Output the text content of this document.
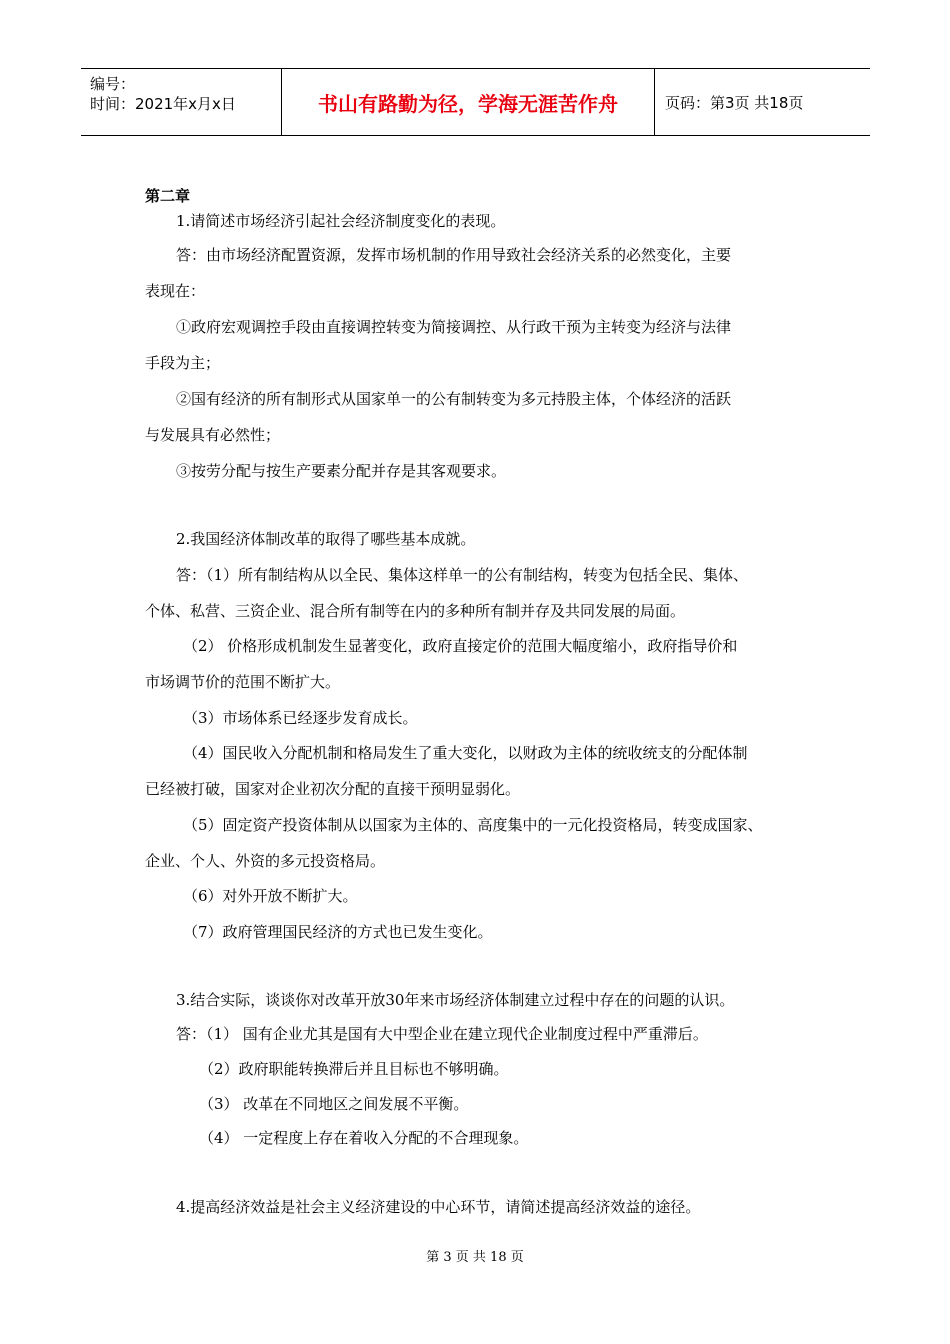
编号：
时间：2021年x月x日	书山有路勤为径，学海无涯苦作舟	页码：第3页 共18页
第二章
1.请简述市场经济引起社会经济制度变化的表现。
答：由市场经济配置资源，发挥市场机制的作用导致社会经济关系的必然变化，主要
表现在：
①政府宏观调控手段由直接调控转变为简接调控、从行政干预为主转变为经济与法律
手段为主；
②国有经济的所有制形式从国家单一的公有制转变为多元持股主体，个体经济的活跃
与发展具有必然性；
③按劳分配与按生产要素分配并存是其客观要求。
2.我国经济体制改革的取得了哪些基本成就。
答：（1）所有制结构从以全民、集体这样单一的公有制结构，转变为包括全民、集体、
个体、私营、三资企业、混合所有制等在内的多种所有制并存及共同发展的局面。
（2） 价格形成机制发生显著变化，政府直接定价的范围大幅度缩小，政府指导价和
市场调节价的范围不断扩大。
（3）市场体系已经逐步发育成长。
（4）国民收入分配机制和格局发生了重大变化，以财政为主体的统收统支的分配体制
已经被打破，国家对企业初次分配的直接干预明显弱化。
（5）固定资产投资体制从以国家为主体的、高度集中的一元化投资格局，转变成国家、
企业、个人、外资的多元投资格局。
（6）对外开放不断扩大。
（7）政府管理国民经济的方式也已发生变化。
3.结合实际，谈谈你对改革开放30年来市场经济体制建立过程中存在的问题的认识。
答：（1） 国有企业尤其是国有大中型企业在建立现代企业制度过程中严重滞后。
（2）政府职能转换滞后并且目标也不够明确。
（3） 改革在不同地区之间发展不平衡。
（4） 一定程度上存在着收入分配的不合理现象。
4.提高经济效益是社会主义经济建设的中心环节，请简述提高经济效益的途径。
第 3 页 共 18 页
